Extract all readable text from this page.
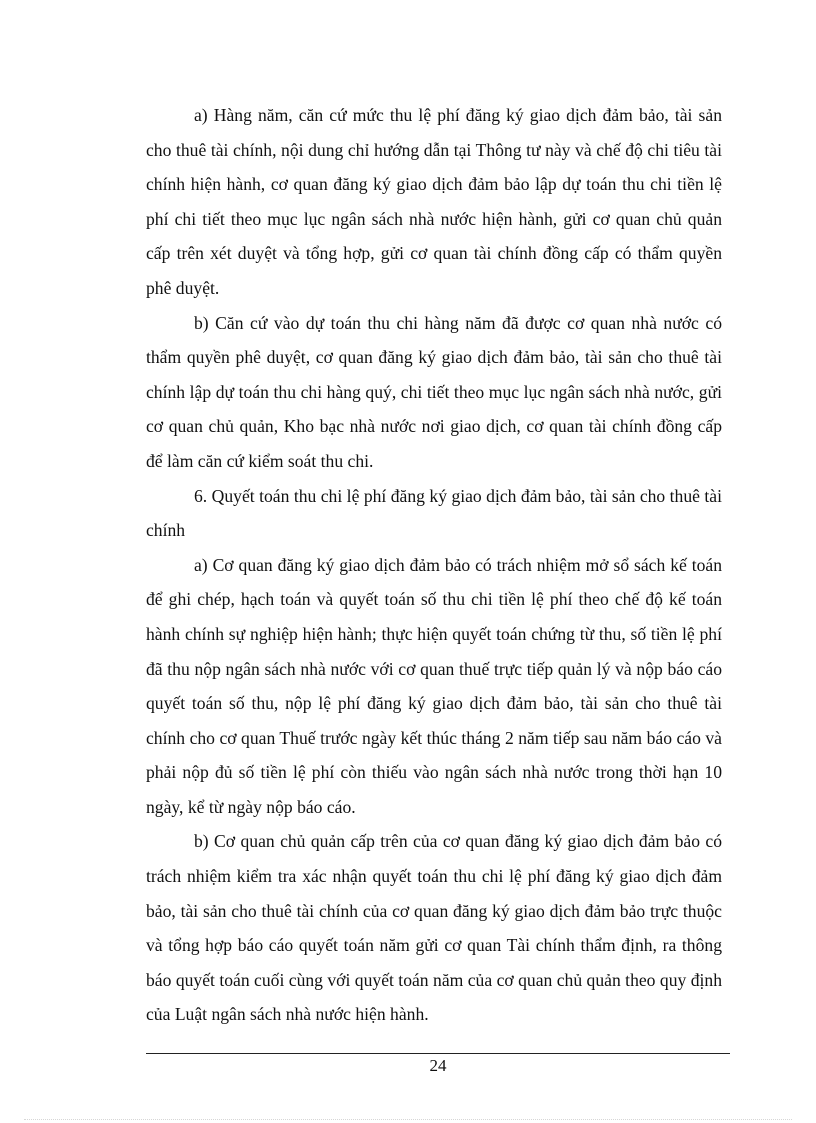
a) Hàng năm, căn cứ mức thu lệ phí đăng ký giao dịch đảm bảo, tài sản cho thuê tài chính, nội dung chỉ hướng dẫn tại Thông tư này và chế độ chi tiêu tài chính hiện hành, cơ quan đăng ký giao dịch đảm bảo lập dự toán thu chi tiền lệ phí chi tiết theo mục lục ngân sách nhà nước hiện hành, gửi cơ quan chủ quản cấp trên xét duyệt và tổng hợp, gửi cơ quan tài chính đồng cấp có thẩm quyền phê duyệt.

b) Căn cứ vào dự toán thu chi hàng năm đã được cơ quan nhà nước có thẩm quyền phê duyệt, cơ quan đăng ký giao dịch đảm bảo, tài sản cho thuê tài chính lập dự toán thu chi hàng quý, chi tiết theo mục lục ngân sách nhà nước, gửi cơ quan chủ quản, Kho bạc nhà nước nơi giao dịch, cơ quan tài chính đồng cấp để làm căn cứ kiểm soát thu chi.

6. Quyết toán thu chi lệ phí đăng ký giao dịch đảm bảo, tài sản cho thuê tài chính

a) Cơ quan đăng ký giao dịch đảm bảo có trách nhiệm mở sổ sách kế toán để ghi chép, hạch toán và quyết toán số thu chi tiền lệ phí theo chế độ kế toán hành chính sự nghiệp hiện hành; thực hiện quyết toán chứng từ thu, số tiền lệ phí đã thu nộp ngân sách nhà nước với cơ quan thuế trực tiếp quản lý và nộp báo cáo quyết toán số thu, nộp lệ phí đăng ký giao dịch đảm bảo, tài sản cho thuê tài chính cho cơ quan Thuế trước ngày kết thúc tháng 2 năm tiếp sau năm báo cáo và phải nộp đủ số tiền lệ phí còn thiếu vào ngân sách nhà nước trong thời hạn 10 ngày, kể từ ngày nộp báo cáo.

b) Cơ quan chủ quản cấp trên của cơ quan đăng ký giao dịch đảm bảo có trách nhiệm kiểm tra xác nhận quyết toán thu chi lệ phí đăng ký giao dịch đảm bảo, tài sản cho thuê tài chính của cơ quan đăng ký giao dịch đảm bảo trực thuộc và tổng hợp báo cáo quyết toán năm gửi cơ quan Tài chính thẩm định, ra thông báo quyết toán cuối cùng với quyết toán năm của cơ quan chủ quản theo quy định của Luật ngân sách nhà nước hiện hành.

24
